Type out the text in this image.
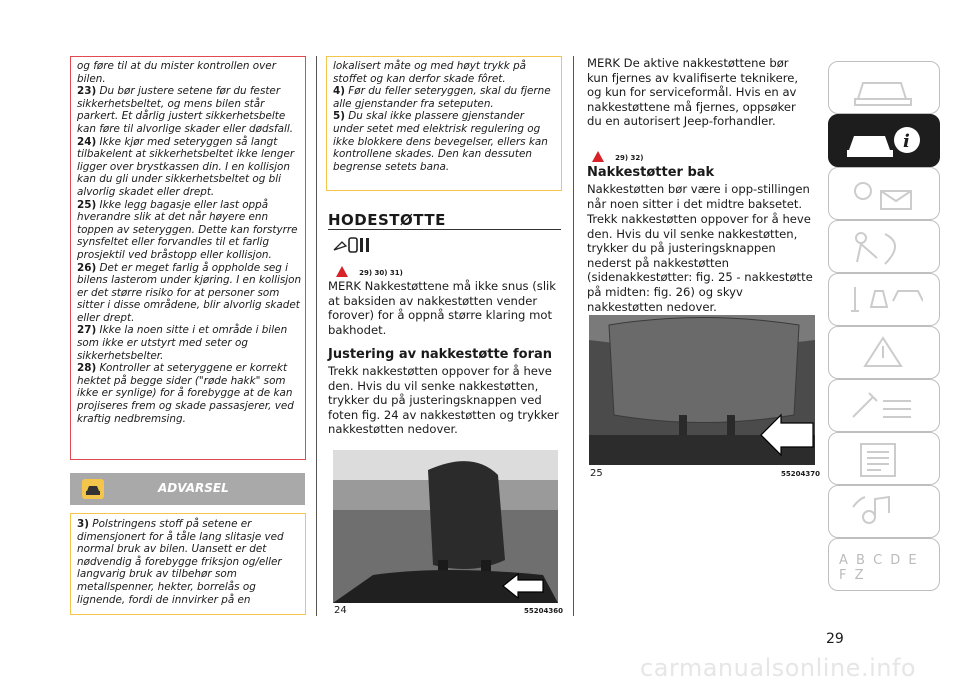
og føre til at du mister kontrollen over bilen.

23) Du bør justere setene før du fester sikkerhetsbeltet, og mens bilen står parkert. Et dårlig justert sikkerhetsbelte kan føre til alvorlige skader eller dødsfall.

24) Ikke kjør med seteryggen så langt tilbakelent at sikkerhetsbeltet ikke lenger ligger over brystkassen din. I en kollisjon kan du gli under sikkerhetsbeltet og bli alvorlig skadet eller drept.

25) Ikke legg bagasje eller last oppå hverandre slik at det når høyere enn toppen av seteryggen. Dette kan forstyrre synsfeltet eller forvandles til et farlig prosjektil ved bråstopp eller kollisjon.

26) Det er meget farlig å oppholde seg i bilens lasterom under kjøring. I en kollisjon er det større risiko for at personer som sitter i disse områdene, blir alvorlig skadet eller drept.

27) Ikke la noen sitte i et område i bilen som ikke er utstyrt med seter og sikkerhetsbelter.

28) Kontroller at seteryggene er korrekt hektet på begge sider ("røde hakk" som ikke er synlige) for å forebygge at de kan projiseres frem og skade passasjerer, ved kraftig nedbremsing.

ADVARSEL

3) Polstringens stoff på setene er dimensjonert for å tåle lang slitasje ved normal bruk av bilen. Uansett er det nødvendig å forebygge friksjon og/eller langvarig bruk av tilbehør som metallspenner, hekter, borrelås og lignende, fordi de innvirker på en

lokalisert måte og med høyt trykk på stoffet og kan derfor skade fôret.

4) Før du feller seteryggen, skal du fjerne alle gjenstander fra seteputen.

5) Du skal ikke plassere gjenstander under setet med elektrisk regulering og ikke blokkere dens bevegelser, ellers kan kontrollene skades. Den kan dessuten begrense setets bana.

HODESTØTTE
29) 30) 31)

MERK Nakkestøttene må ikke snus (slik at baksiden av nakkestøtten vender forover) for å oppnå større klaring mot bakhodet.

Justering av nakkestøtte foran

Trekk nakkestøtten oppover for å heve den. Hvis du vil senke nakkestøtten, trykker du på justeringsknappen ved foten fig. 24 av nakkestøtten og trykker nakkestøtten nedover.

24	55204360

MERK De aktive nakkestøttene bør kun fjernes av kvalifiserte teknikere, og kun for serviceformål. Hvis en av nakkestøttene må fjernes, oppsøker du en autorisert Jeep-forhandler.

29) 32)
Nakkestøtter bak

Nakkestøtten bør være i opp-stillingen når noen sitter i det midtre baksetet.

Trekk nakkestøtten oppover for å heve den. Hvis du vil senke nakkestøtten, trykker du på justeringsknappen nederst på nakkestøtten (sidenakkestøtter: fig. 25 - nakkestøtte på midten: fig. 26) og skyv nakkestøtten nedover.

25	55204370
i
A B C D E F Z
29
carmanualsonline.info
